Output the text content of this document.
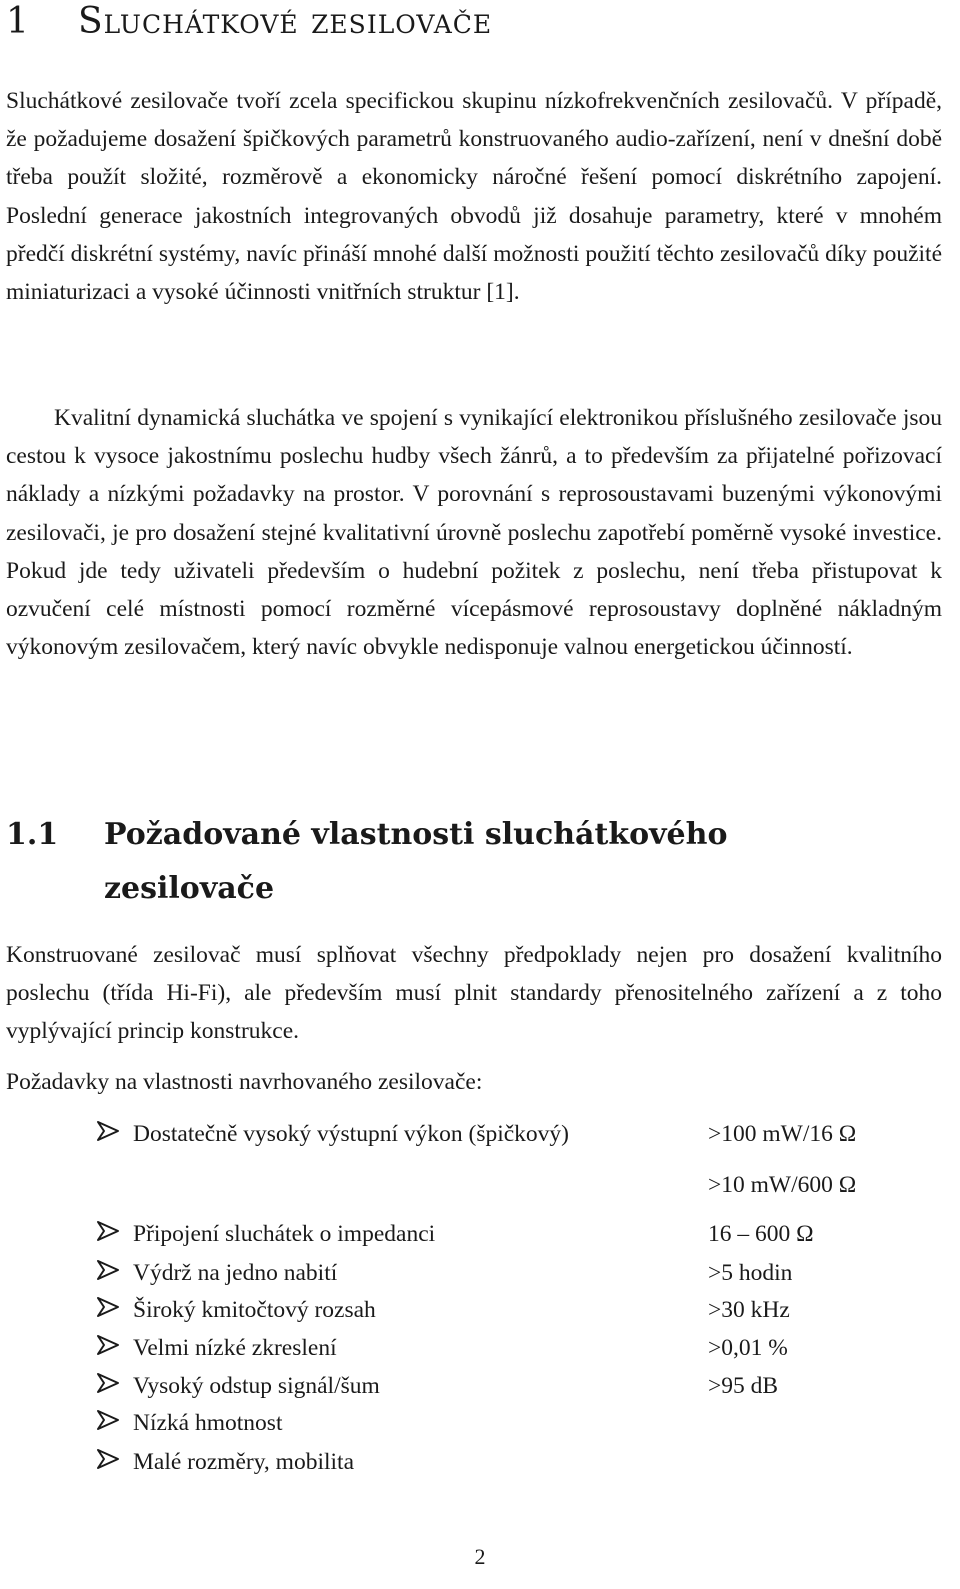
1 Sluchátkové zesilovače

Sluchátkové zesilovače tvoří zcela specifickou skupinu nízkofrekvenčních zesilovačů. V případě, že požadujeme dosažení špičkových parametrů konstruovaného audio-zařízení, není v dnešní době třeba použít složité, rozměrově a ekonomicky náročné řešení pomocí diskrétního zapojení. Poslední generace jakostních integrovaných obvodů již dosahuje parametry, které v mnohém předčí diskrétní systémy, navíc přináší mnohé další možnosti použití těchto zesilovačů díky použité miniaturizaci a vysoké účinnosti vnitřních struktur [1].

Kvalitní dynamická sluchátka ve spojení s vynikající elektronikou příslušného zesilovače jsou cestou k vysoce jakostnímu poslechu hudby všech žánrů, a to především za přijatelné pořizovací náklady a nízkými požadavky na prostor. V porovnání s reprosoustavami buzenými výkonovými zesilovači, je pro dosažení stejné kvalitativní úrovně poslechu zapotřebí poměrně vysoké investice. Pokud jde tedy uživateli především o hudební požitek z poslechu, není třeba přistupovat k ozvučení celé místnosti pomocí rozměrné vícepásmové reprosoustavy doplněné nákladným výkonovým zesilovačem, který navíc obvykle nedisponuje valnou energetickou účinností.

1.1	Požadované vlastnosti sluchátkového zesilovače

Konstruované zesilovač musí splňovat všechny předpoklady nejen pro dosažení kvalitního poslechu (třída Hi-Fi), ale především musí plnit standardy přenositelného zařízení a z toho vyplývající princip konstrukce.

Požadavky na vlastnosti navrhovaného zesilovače:

Dostatečně vysoký výstupní výkon (špičkový)	>100 mW/16 Ω
>10 mW/600 Ω
Připojení sluchátek o impedanci	16 – 600 Ω
Výdrž na jedno nabití	>5 hodin
Široký kmitočtový rozsah	>30 kHz
Velmi nízké zkreslení	>0,01 %
Vysoký odstup signál/šum	>95 dB
Nízká hmotnost
Malé rozměry, mobilita
2
